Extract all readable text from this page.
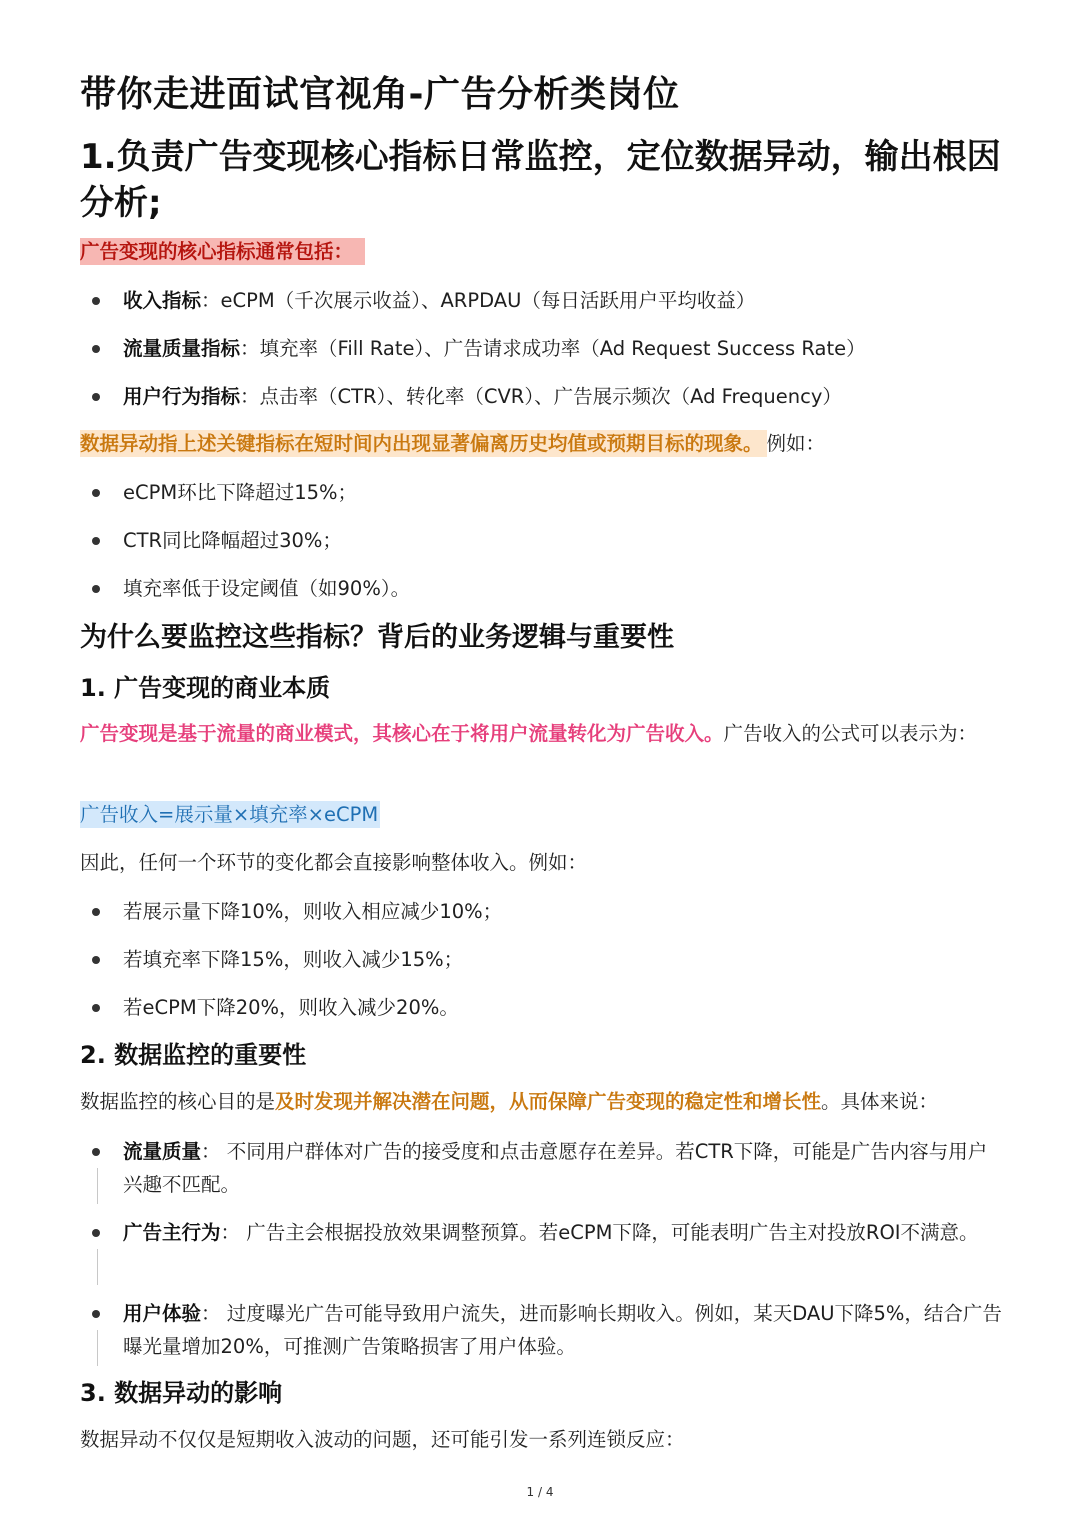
带你走进面试官视角-广告分析类岗位
1.负责广告变现核心指标日常监控，定位数据异动，输出根因分析;
广告变现的核心指标通常包括：
收入指标：eCPM（千次展示收益）、ARPDAU（每日活跃用户平均收益）
流量质量指标：填充率（Fill Rate）、广告请求成功率（Ad Request Success Rate）
用户行为指标：点击率（CTR）、转化率（CVR）、广告展示频次（Ad Frequency）
数据异动指上述关键指标在短时间内出现显著偏离历史均值或预期目标的现象。 例如：
eCPM环比下降超过15%；
CTR同比降幅超过30%；
填充率低于设定阈值（如90%）。
为什么要监控这些指标？背后的业务逻辑与重要性
1. 广告变现的商业本质
广告变现是基于流量的商业模式，其核心在于将用户流量转化为广告收入。广告收入的公式可以表示为：
广告收入=展示量×填充率×eCPM
因此，任何一个环节的变化都会直接影响整体收入。例如：
若展示量下降10%，则收入相应减少10%；
若填充率下降15%，则收入减少15%；
若eCPM下降20%，则收入减少20%。
2. 数据监控的重要性
数据监控的核心目的是及时发现并解决潜在问题，从而保障广告变现的稳定性和增长性。具体来说：
流量质量： 不同用户群体对广告的接受度和点击意愿存在差异。若CTR下降，可能是广告内容与用户兴趣不匹配。
广告主行为： 广告主会根据投放效果调整预算。若eCPM下降，可能表明广告主对投放ROI不满意。
用户体验： 过度曝光广告可能导致用户流失，进而影响长期收入。例如，某天DAU下降5%，结合广告曝光量增加20%，可推测广告策略损害了用户体验。
3. 数据异动的影响
数据异动不仅仅是短期收入波动的问题，还可能引发一系列连锁反应：
1 / 4
